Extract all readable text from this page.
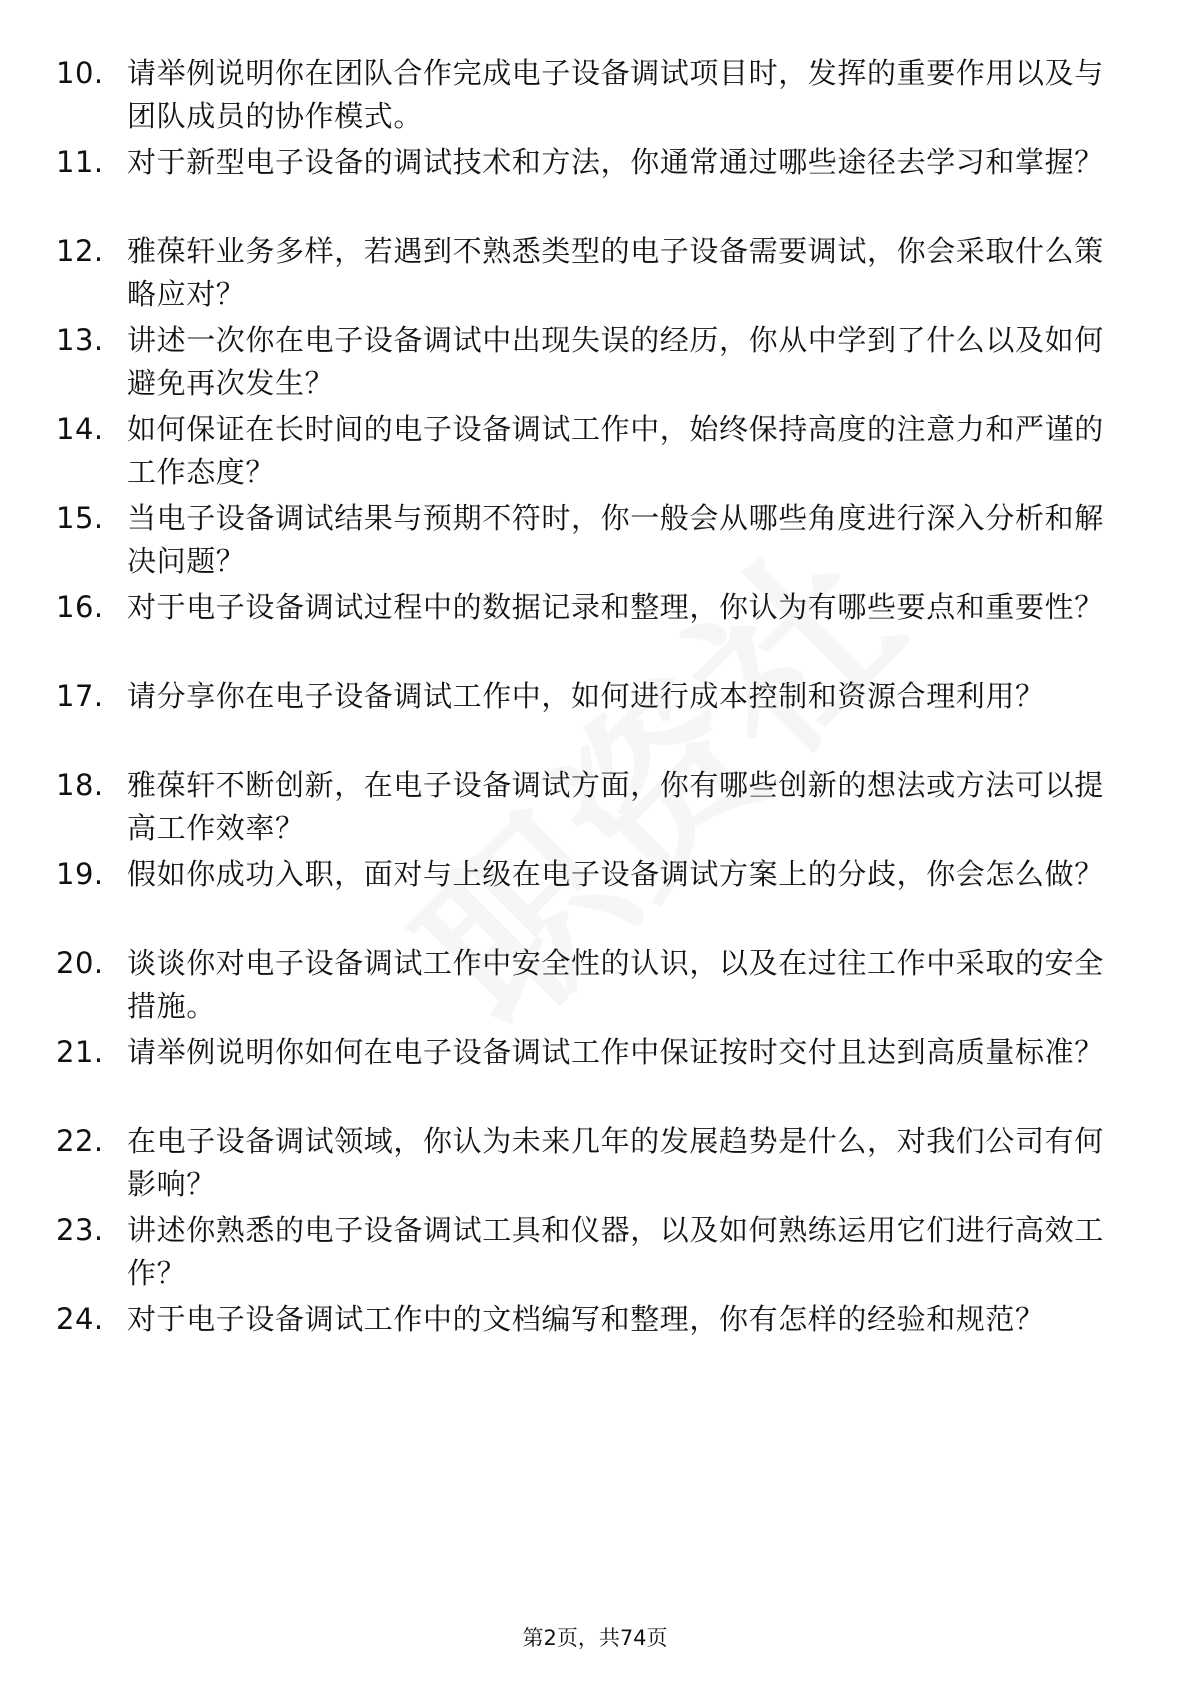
10. 请举例说明你在团队合作完成电子设备调试项目时，发挥的重要作用以及与团队成员的协作模式。
11. 对于新型电子设备的调试技术和方法，你通常通过哪些途径去学习和掌握？
12. 雅葆轩业务多样，若遇到不熟悉类型的电子设备需要调试，你会采取什么策略应对？
13. 讲述一次你在电子设备调试中出现失误的经历，你从中学到了什么以及如何避免再次发生？
14. 如何保证在长时间的电子设备调试工作中，始终保持高度的注意力和严谨的工作态度？
15. 当电子设备调试结果与预期不符时，你一般会从哪些角度进行深入分析和解决问题？
16. 对于电子设备调试过程中的数据记录和整理，你认为有哪些要点和重要性？
17. 请分享你在电子设备调试工作中，如何进行成本控制和资源合理利用？
18. 雅葆轩不断创新，在电子设备调试方面，你有哪些创新的想法或方法可以提高工作效率？
19. 假如你成功入职，面对与上级在电子设备调试方案上的分歧，你会怎么做？
20. 谈谈你对电子设备调试工作中安全性的认识，以及在过往工作中采取的安全措施。
21. 请举例说明你如何在电子设备调试工作中保证按时交付且达到高质量标准？
22. 在电子设备调试领域，你认为未来几年的发展趋势是什么，对我们公司有何影响？
23. 讲述你熟悉的电子设备调试工具和仪器，以及如何熟练运用它们进行高效工作？
24. 对于电子设备调试工作中的文档编写和整理，你有怎样的经验和规范？
第2页，共74页
